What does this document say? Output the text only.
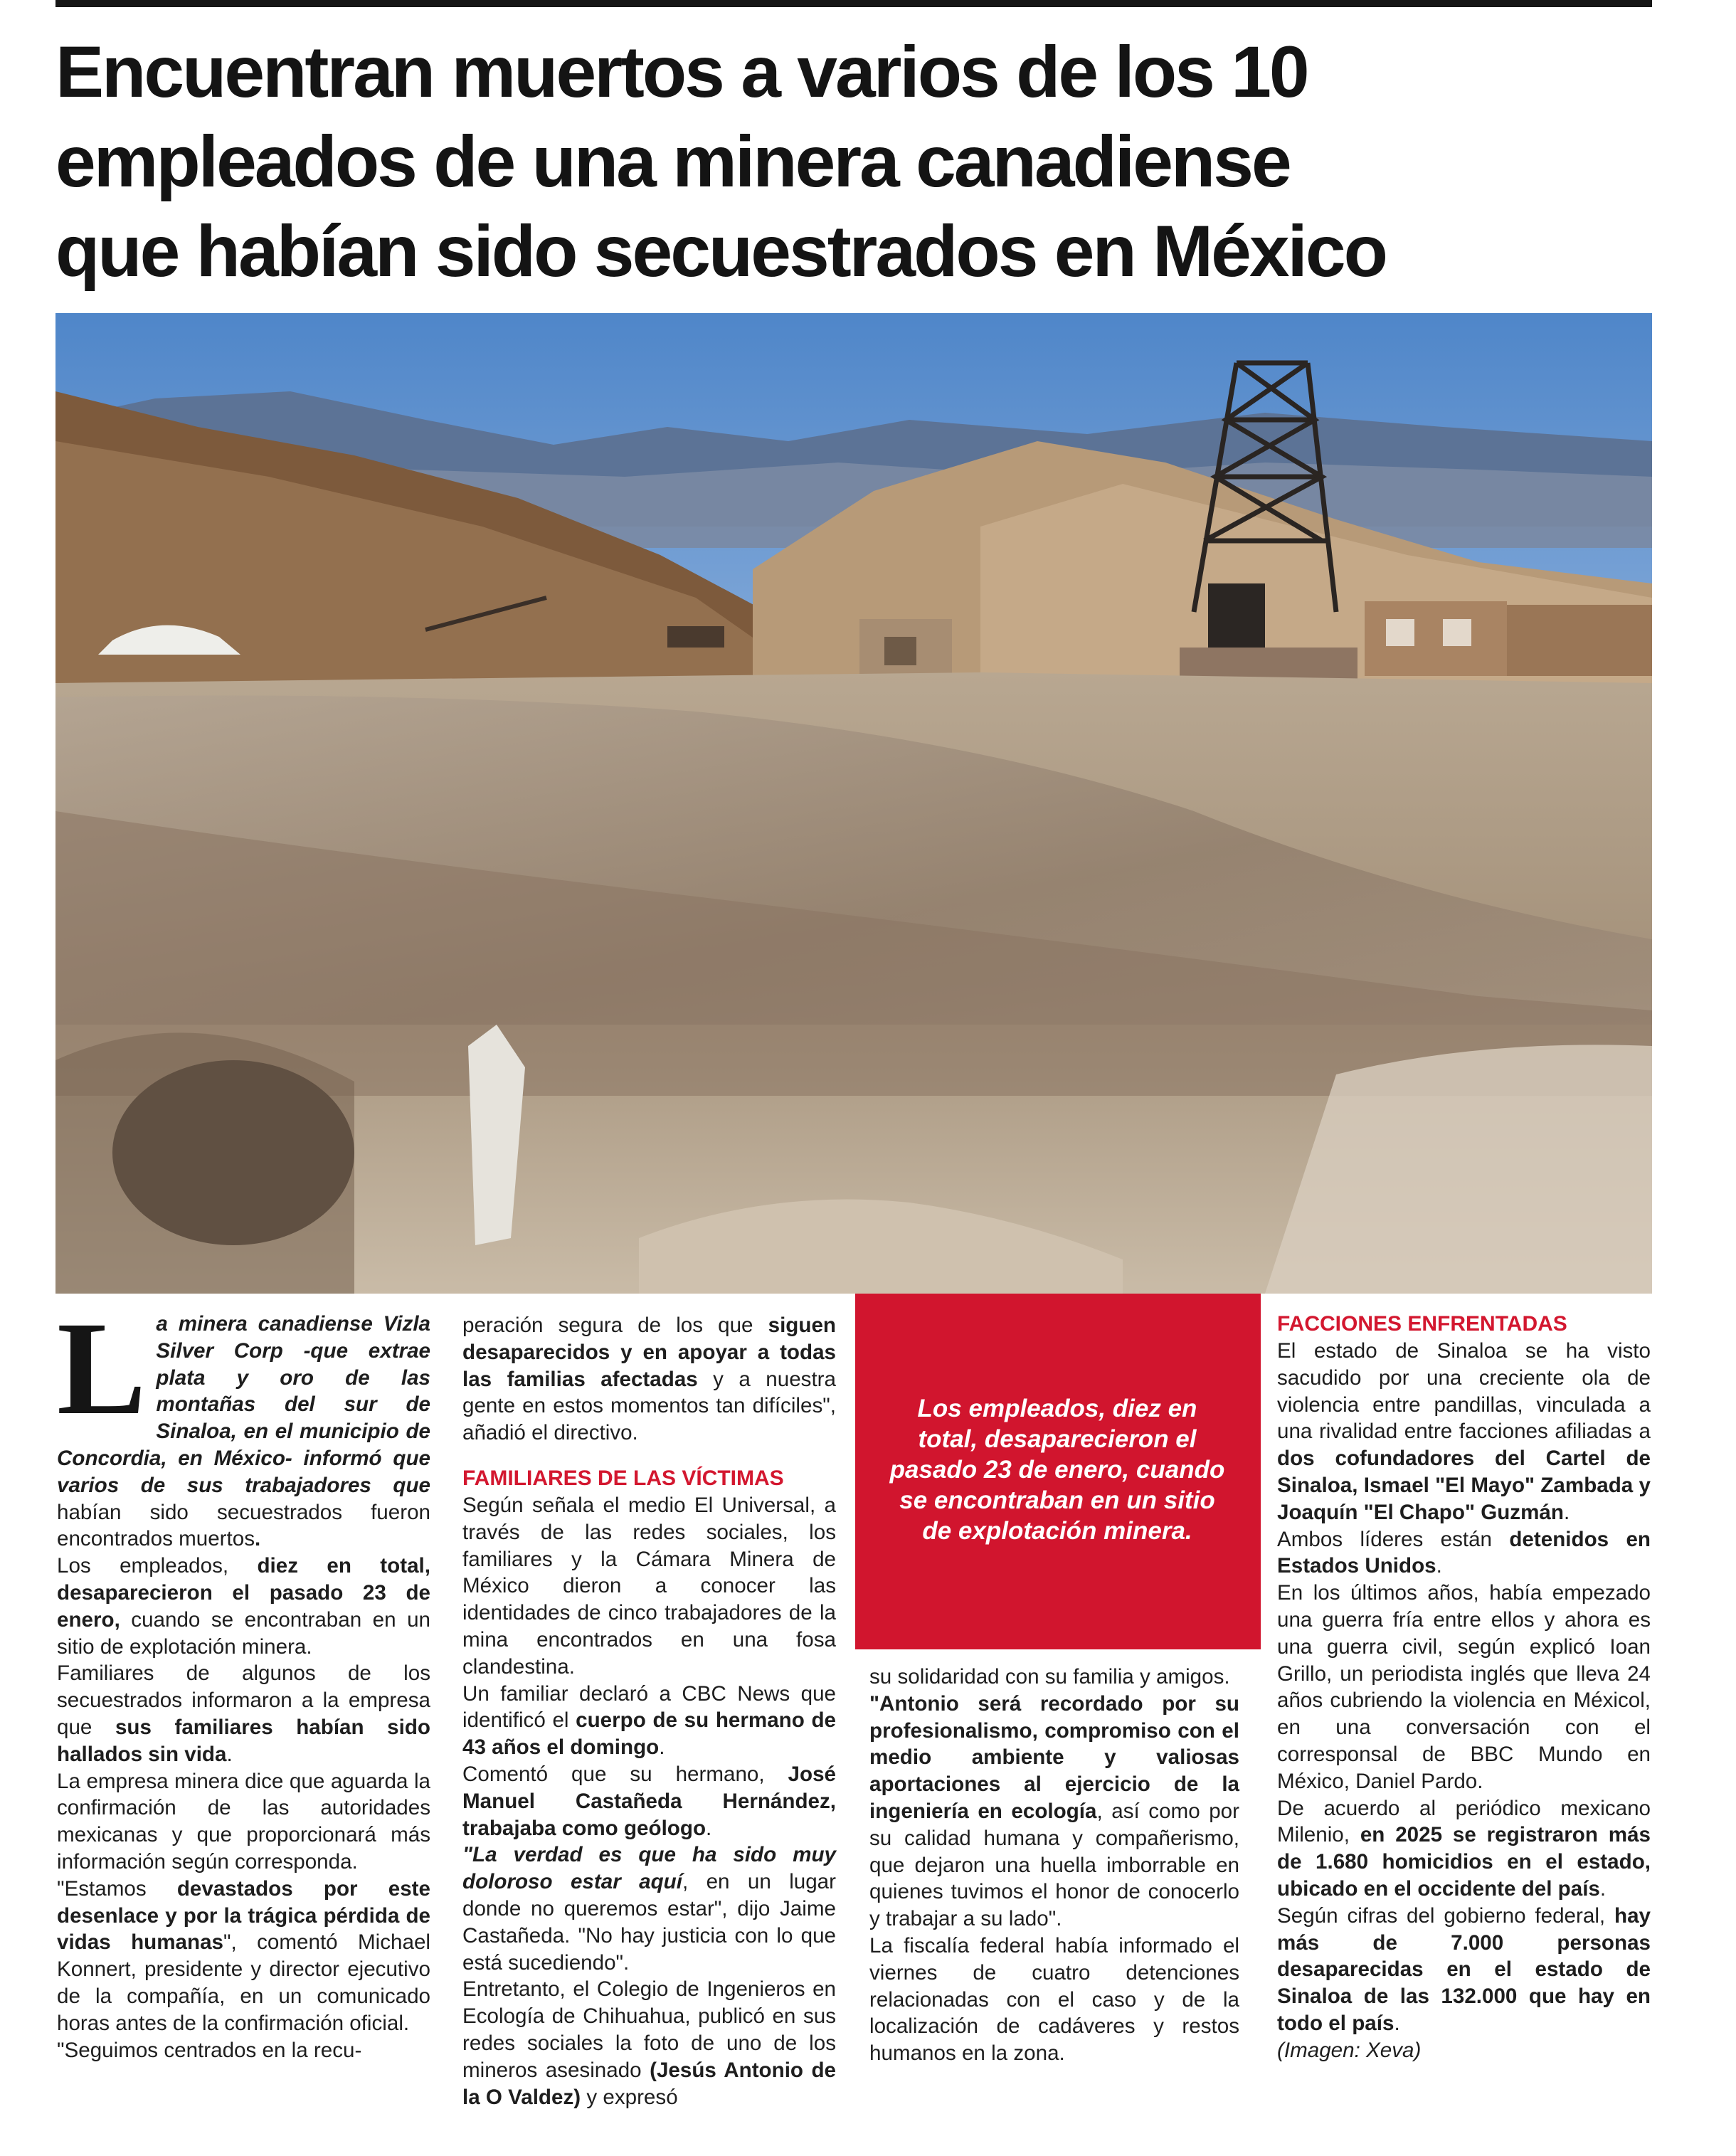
Encuentran muertos a varios de los 10
empleados de una minera canadiense
que habían sido secuestrados en México
L a minera canadiense Vizla Silver Corp -que extrae plata y oro de las montañas del sur de Sinaloa, en el municipio de Concordia, en México- informó que varios de sus trabajadores que habían sido secuestrados fueron encontrados muertos.

Los empleados, diez en total, desaparecieron el pasado 23 de enero, cuando se encontraban en un sitio de explotación minera.

Familiares de algunos de los secuestrados informaron a la empresa que sus familiares habían sido hallados sin vida.

La empresa minera dice que aguarda la confirmación de las autoridades mexicanas y que proporcionará más información según corresponda.

"Estamos devastados por este desenlace y por la trágica pérdida de vidas humanas", comentó Michael Konnert, presidente y director ejecutivo de la compañía, en un comunicado horas antes de la confirmación oficial.

"Seguimos centrados en la recu-

peración segura de los que siguen desaparecidos y en apoyar a todas las familias afectadas y a nuestra gente en estos momentos tan difíciles", añadió el directivo.

FAMILIARES DE LAS VÍCTIMAS

Según señala el medio El Universal, a través de las redes sociales, los familiares y la Cámara Minera de México dieron a conocer las identidades de cinco trabajadores de la mina encontrados en una fosa clandestina.

Un familiar declaró a CBC News que identificó el cuerpo de su hermano de 43 años el domingo.

Comentó que su hermano, José Manuel Castañeda Hernández, trabajaba como geólogo.

"La verdad es que ha sido muy doloroso estar aquí, en un lugar donde no queremos estar", dijo Jaime Castañeda. "No hay justicia con lo que está sucediendo".

Entretanto, el Colegio de Ingenieros en Ecología de Chihuahua, publicó en sus redes sociales la foto de uno de los mineros asesinado (Jesús Antonio de la O Valdez) y expresó

Los empleados, diez en total, desaparecieron el pasado 23 de enero, cuando se encontraban en un sitio de explotación minera.

su solidaridad con su familia y amigos.

"Antonio será recordado por su profesionalismo, compromiso con el medio ambiente y valiosas aportaciones al ejercicio de la ingeniería en ecología, así como por su calidad humana y compañerismo, que dejaron una huella imborrable en quienes tuvimos el honor de conocerlo y trabajar a su lado".

La fiscalía federal había informado el viernes de cuatro detenciones relacionadas con el caso y de la localización de cadáveres y restos humanos en la zona.

FACCIONES ENFRENTADAS

El estado de Sinaloa se ha visto sacudido por una creciente ola de violencia entre pandillas, vinculada a una rivalidad entre facciones afiliadas a dos cofundadores del Cartel de Sinaloa, Ismael "El Mayo" Zambada y Joaquín "El Chapo" Guzmán.

Ambos líderes están detenidos en Estados Unidos.

En los últimos años, había empezado una guerra fría entre ellos y ahora es una guerra civil, según explicó Ioan Grillo, un periodista inglés que lleva 24 años cubriendo la violencia en Méxicol, en una conversación con el corresponsal de BBC Mundo en México, Daniel Pardo.

De acuerdo al periódico mexicano Milenio, en 2025 se registraron más de 1.680 homicidios en el estado, ubicado en el occidente del país.

Según cifras del gobierno federal, hay más de 7.000 personas desaparecidas en el estado de Sinaloa de las 132.000 que hay en todo el país.

(Imagen: Xeva)
